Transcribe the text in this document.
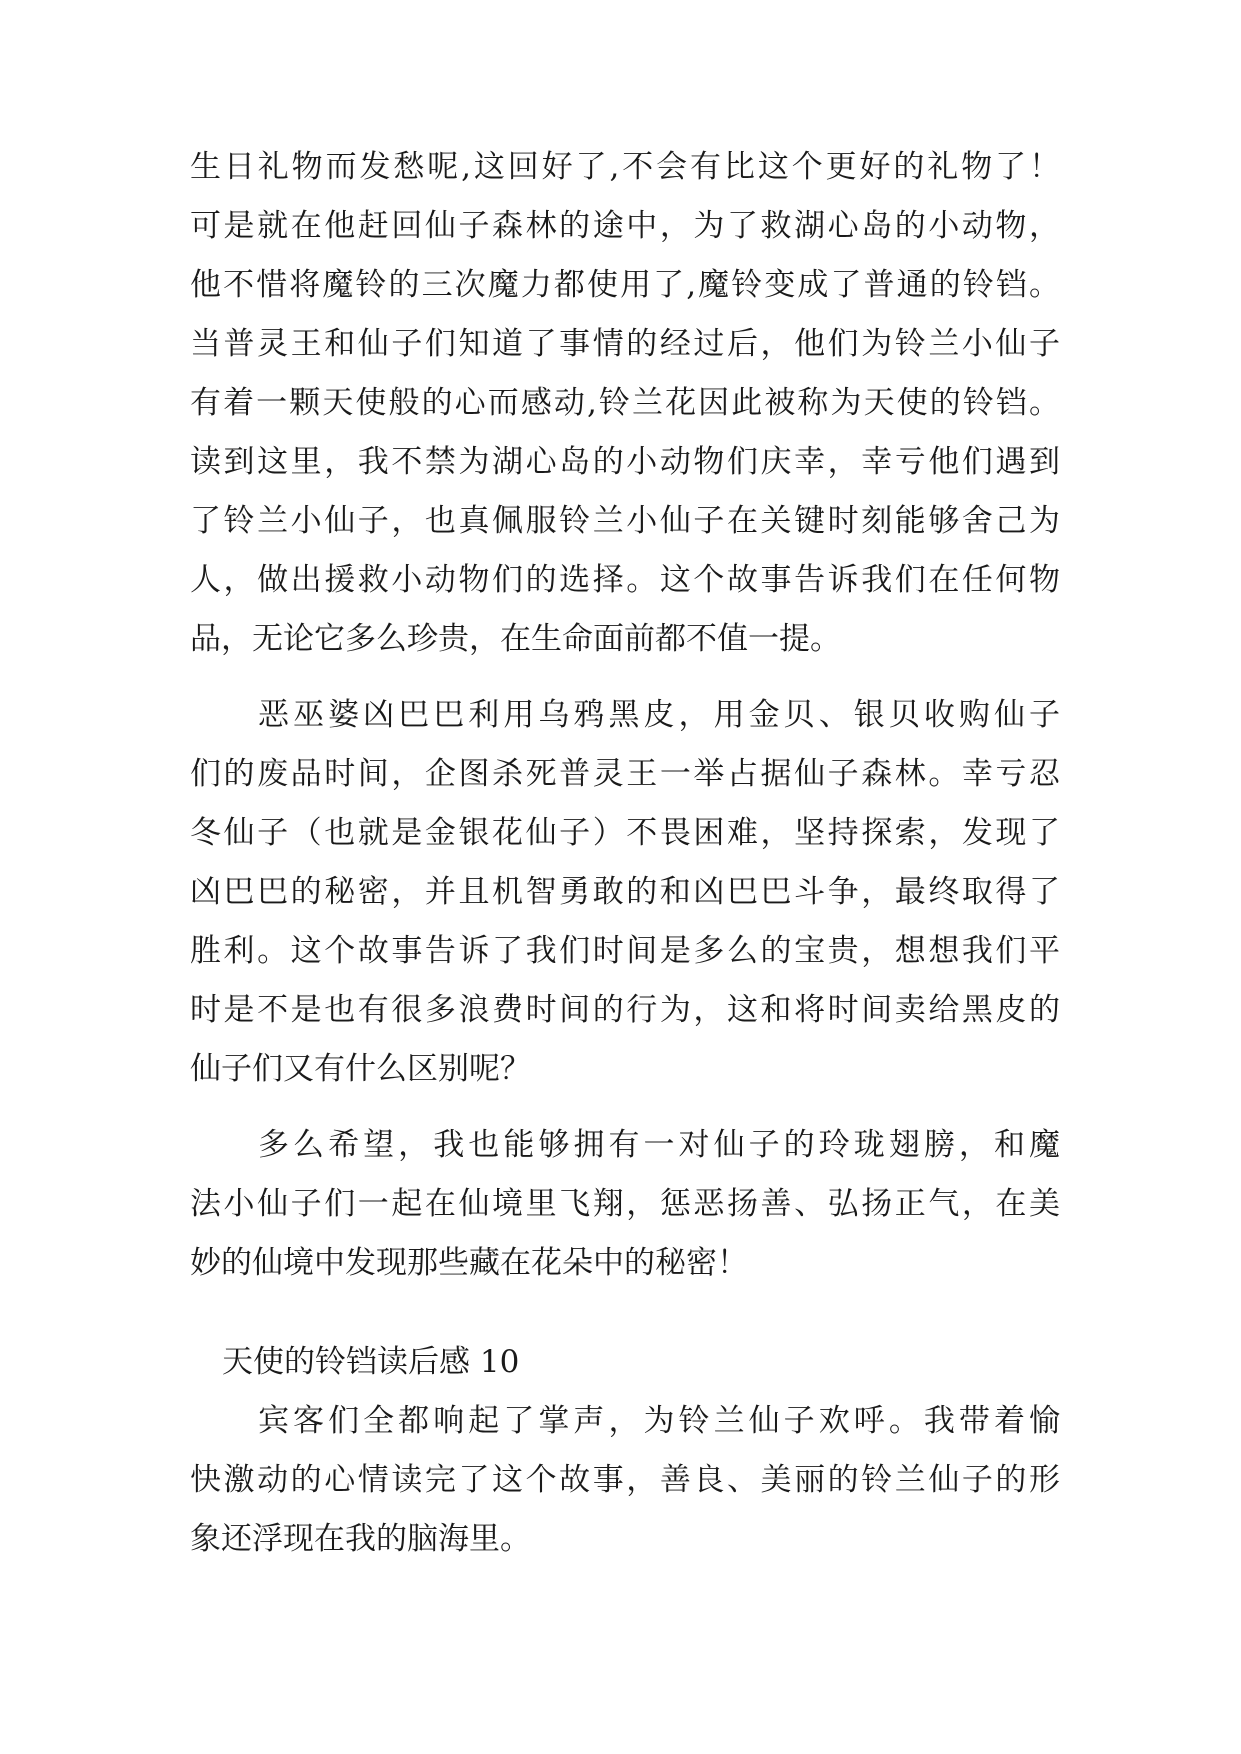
生日礼物而发愁呢,这回好了,不会有比这个更好的礼物了！
可是就在他赶回仙子森林的途中，为了救湖心岛的小动物，
他不惜将魔铃的三次魔力都使用了,魔铃变成了普通的铃铛。
当普灵王和仙子们知道了事情的经过后，他们为铃兰小仙子
有着一颗天使般的心而感动,铃兰花因此被称为天使的铃铛。
读到这里，我不禁为湖心岛的小动物们庆幸，幸亏他们遇到
了铃兰小仙子，也真佩服铃兰小仙子在关键时刻能够舍己为
人，做出援救小动物们的选择。这个故事告诉我们在任何物
品，无论它多么珍贵，在生命面前都不值一提。
恶巫婆凶巴巴利用乌鸦黑皮，用金贝、银贝收购仙子
们的废品时间，企图杀死普灵王一举占据仙子森林。幸亏忍
冬仙子（也就是金银花仙子）不畏困难，坚持探索，发现了
凶巴巴的秘密，并且机智勇敢的和凶巴巴斗争，最终取得了
胜利。这个故事告诉了我们时间是多么的宝贵，想想我们平
时是不是也有很多浪费时间的行为，这和将时间卖给黑皮的
仙子们又有什么区别呢？
多么希望，我也能够拥有一对仙子的玲珑翅膀，和魔
法小仙子们一起在仙境里飞翔，惩恶扬善、弘扬正气，在美
妙的仙境中发现那些藏在花朵中的秘密！
天使的铃铛读后感 10
宾客们全都响起了掌声，为铃兰仙子欢呼。我带着愉
快激动的心情读完了这个故事，善良、美丽的铃兰仙子的形
象还浮现在我的脑海里。
